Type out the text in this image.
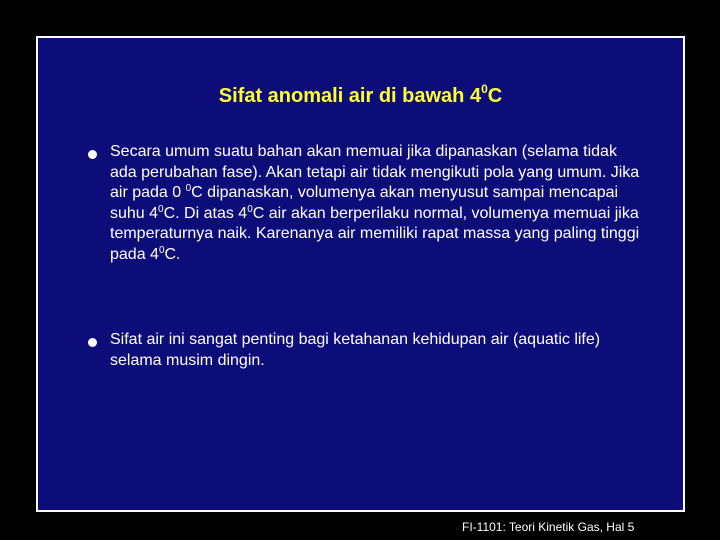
Sifat anomali air di bawah $4^0C$
Secara umum suatu bahan akan memuai jika dipanaskan (selama tidak ada perubahan fase). Akan tetapi air tidak mengikuti pola yang umum. Jika air pada 0 $^0$C dipanaskan, volumenya akan menyusut sampai mencapai suhu $4^0C$. Di atas $4^0C$ air akan berperilaku normal, volumenya memuai jika temperaturnya naik. Karenanya air memiliki rapat massa yang paling tinggi pada $4^0C$.
Sifat air ini sangat penting bagi ketahanan kehidupan air (aquatic life) selama musim dingin.
FI-1101: Teori Kinetik Gas, Hal 5
